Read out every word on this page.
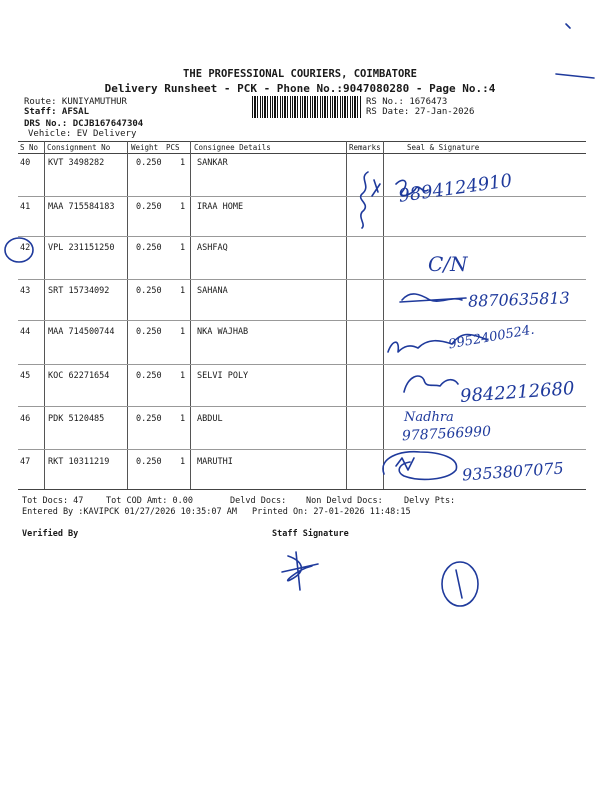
THE PROFESSIONAL COURIERS, COIMBATORE
Delivery Runsheet - PCK - Phone No.:9047080280 - Page No.:4
Route: KUNIYAMUTHUR
Staff: AFSAL
DRS No.: DCJB167647304
Vehicle: EV Delivery
RS No.: 1676473
RS Date: 27-Jan-2026
S No Consignment No	Weight PCS Consignee Details	Remarks	Seal & Signature
40 KVT 3498282	0.250 1 SANKAR
41 MAA 715584183	0.250 1 IRAA HOME
42 VPL 231151250	0.250 1 ASHFAQ
43 SRT 15734092	0.250 1 SAHANA
44 MAA 714500744	0.250 1 NKA WAJHAB
45 KOC 62271654	0.250 1 SELVI POLY
46 PDK 5120485	0.250 1 ABDUL
47 RKT 10311219	0.250 1 MARUTHI
Tot Docs: 47	Tot COD Amt: 0.00	Delvd Docs: Non Delvd Docs: Delvy Pts:
Entered By :KAVIPCK 01/27/2026 10:35:07 AM Printed On: 27-01-2026 11:48:15
Verified By	Staff Signature
9894124910
C/N
8870635813
9952400524.
9842212680
Nadhra
9787566990
9353807075
